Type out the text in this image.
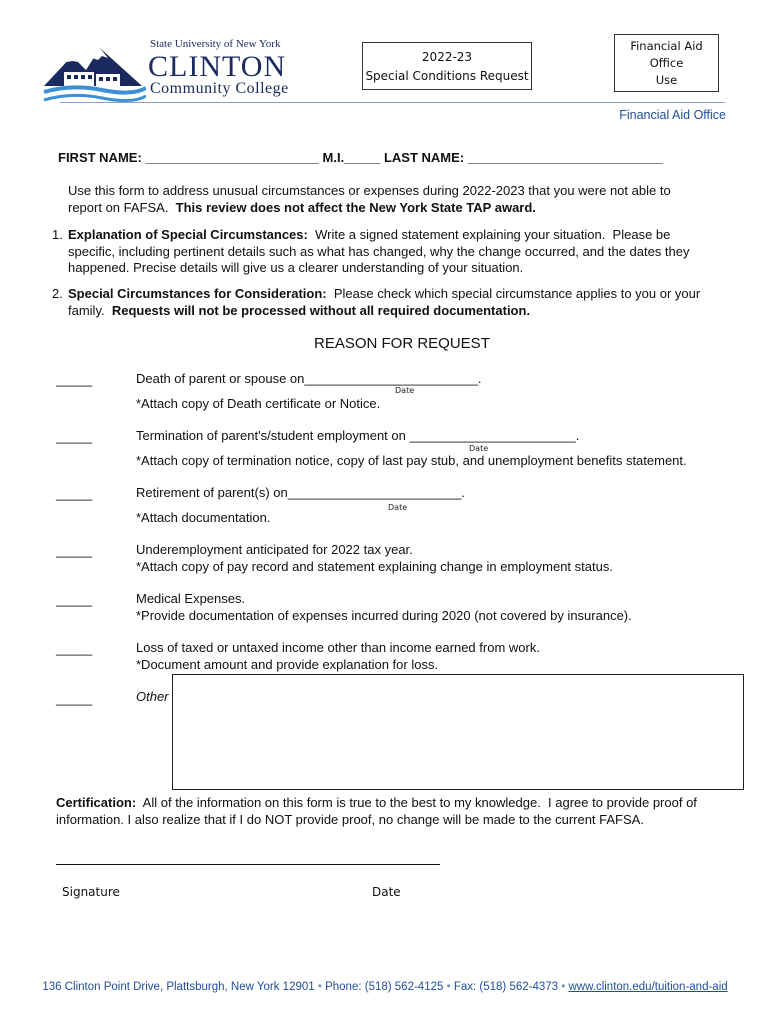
State University of New York
CLINTON
Community College
2022-23
Special Conditions Request
Financial Aid
Office
Use
Financial Aid Office
FIRST NAME: ________________________ M.I._____ LAST NAME: ___________________________
Use this form to address unusual circumstances or expenses during 2022-2023 that you were not able to
report on FAFSA.  This review does not affect the New York State TAP award.
1. Explanation of Special Circumstances:  Write a signed statement explaining your situation.  Please be
specific, including pertinent details such as what has changed, why the change occurred, and the dates they
happened. Precise details will give us a clearer understanding of your situation.
2. Special Circumstances for Consideration:  Please check which special circumstance applies to you or your
family.  Requests will not be processed without all required documentation.
REASON FOR REQUEST
_____	Death of parent or spouse on________________________.
*Attach copy of Death certificate or Notice.
Date
_____	Termination of parent's/student employment on _______________________.
*Attach copy of termination notice, copy of last pay stub, and unemployment benefits statement.
Date
_____	Retirement of parent(s) on________________________.
*Attach documentation.
Date
_____	Underemployment anticipated for 2022 tax year.
*Attach copy of pay record and statement explaining change in employment status.
_____	Medical Expenses.
*Provide documentation of expenses incurred during 2020 (not covered by insurance).
_____	Loss of taxed or untaxed income other than income earned from work.
*Document amount and provide explanation for loss.
_____	Other
Certification:  All of the information on this form is true to the best to my knowledge.  I agree to provide proof of
information. I also realize that if I do NOT provide proof, no change will be made to the current FAFSA.
Signature	Date
136 Clinton Point Drive, Plattsburgh, New York 12901 • Phone: (518) 562-4125 • Fax: (518) 562-4373 • www.clinton.edu/tuition-and-aid
